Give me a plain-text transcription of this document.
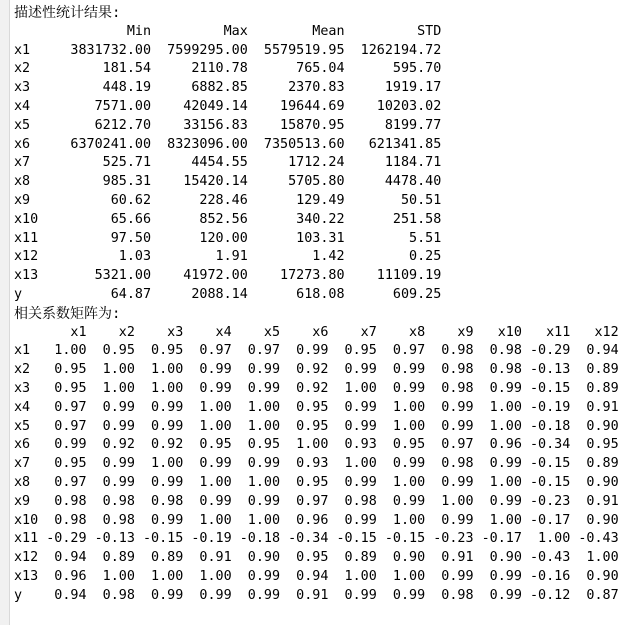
描述性统计结果:
Min         Max        Mean         STD
x1     3831732.00  7599295.00  5579519.95  1262194.72
x2         181.54     2110.78      765.04      595.70
x3         448.19     6882.85     2370.83     1919.17
x4        7571.00    42049.14    19644.69    10203.02
x5        6212.70    33156.83    15870.95     8199.77
x6     6370241.00  8323096.00  7350513.60   621341.85
x7         525.71     4454.55     1712.24     1184.71
x8         985.31    15420.14     5705.80     4478.40
x9          60.62      228.46      129.49       50.51
x10         65.66      852.56      340.22      251.58
x11         97.50      120.00      103.31        5.51
x12          1.03        1.91        1.42        0.25
x13       5321.00    41972.00    17273.80    11109.19
y           64.87     2088.14      618.08      609.25
相关系数矩阵为:
x1    x2    x3    x4    x5    x6    x7    x8    x9   x10   x11   x12
x1   1.00  0.95  0.95  0.97  0.97  0.99  0.95  0.97  0.98  0.98 -0.29  0.94
x2   0.95  1.00  1.00  0.99  0.99  0.92  0.99  0.99  0.98  0.98 -0.13  0.89
x3   0.95  1.00  1.00  0.99  0.99  0.92  1.00  0.99  0.98  0.99 -0.15  0.89
x4   0.97  0.99  0.99  1.00  1.00  0.95  0.99  1.00  0.99  1.00 -0.19  0.91
x5   0.97  0.99  0.99  1.00  1.00  0.95  0.99  1.00  0.99  1.00 -0.18  0.90
x6   0.99  0.92  0.92  0.95  0.95  1.00  0.93  0.95  0.97  0.96 -0.34  0.95
x7   0.95  0.99  1.00  0.99  0.99  0.93  1.00  0.99  0.98  0.99 -0.15  0.89
x8   0.97  0.99  0.99  1.00  1.00  0.95  0.99  1.00  0.99  1.00 -0.15  0.90
x9   0.98  0.98  0.98  0.99  0.99  0.97  0.98  0.99  1.00  0.99 -0.23  0.91
x10  0.98  0.98  0.99  1.00  1.00  0.96  0.99  1.00  0.99  1.00 -0.17  0.90
x11 -0.29 -0.13 -0.15 -0.19 -0.18 -0.34 -0.15 -0.15 -0.23 -0.17  1.00 -0.43
x12  0.94  0.89  0.89  0.91  0.90  0.95  0.89  0.90  0.91  0.90 -0.43  1.00
x13  0.96  1.00  1.00  1.00  0.99  0.94  1.00  1.00  0.99  0.99 -0.16  0.90
y    0.94  0.98  0.99  0.99  0.99  0.91  0.99  0.99  0.98  0.99 -0.12  0.87
